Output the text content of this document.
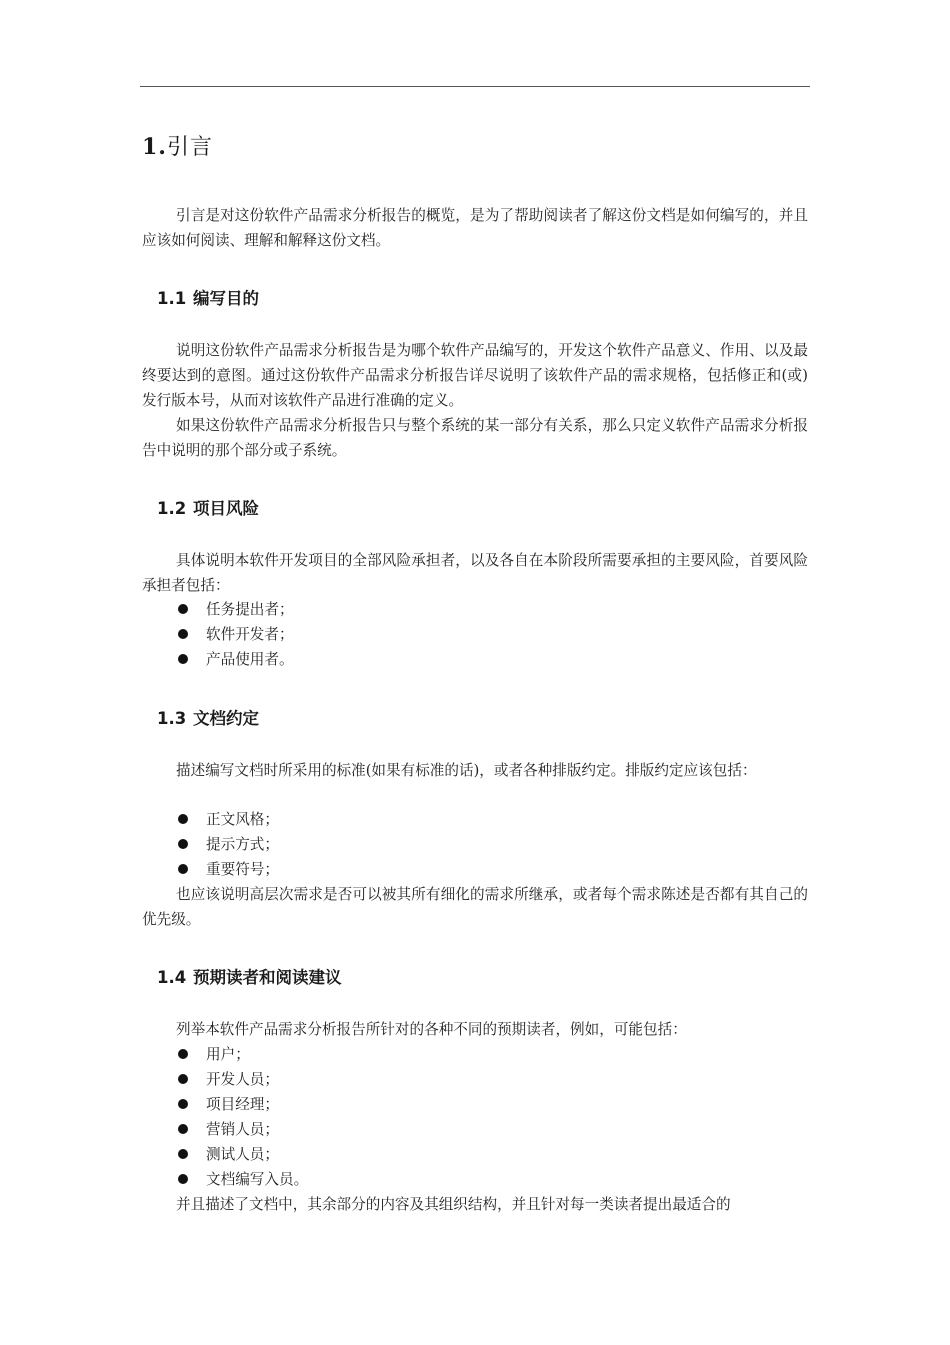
1.引言

引言是对这份软件产品需求分析报告的概览，是为了帮助阅读者了解这份文档是如何编写的，并且应该如何阅读、理解和解释这份文档。

1.1 编写目的

说明这份软件产品需求分析报告是为哪个软件产品编写的，开发这个软件产品意义、作用、以及最终要达到的意图。通过这份软件产品需求分析报告详尽说明了该软件产品的需求规格，包括修正和(或)发行版本号，从而对该软件产品进行准确的定义。

如果这份软件产品需求分析报告只与整个系统的某一部分有关系，那么只定义软件产品需求分析报告中说明的那个部分或子系统。

1.2 项目风险

具体说明本软件开发项目的全部风险承担者，以及各自在本阶段所需要承担的主要风险，首要风险承担者包括：

任务提出者；
软件开发者；
产品使用者。
1.3 文档约定

描述编写文档时所采用的标准(如果有标准的话)，或者各种排版约定。排版约定应该包括：

正文风格；
提示方式；
重要符号；

也应该说明高层次需求是否可以被其所有细化的需求所继承，或者每个需求陈述是否都有其自己的优先级。

1.4 预期读者和阅读建议

列举本软件产品需求分析报告所针对的各种不同的预期读者，例如，可能包括：

用户；
开发人员；
项目经理；
营销人员；
测试人员；
文档编写入员。

并且描述了文档中，其余部分的内容及其组织结构，并且针对每一类读者提出最适合的
